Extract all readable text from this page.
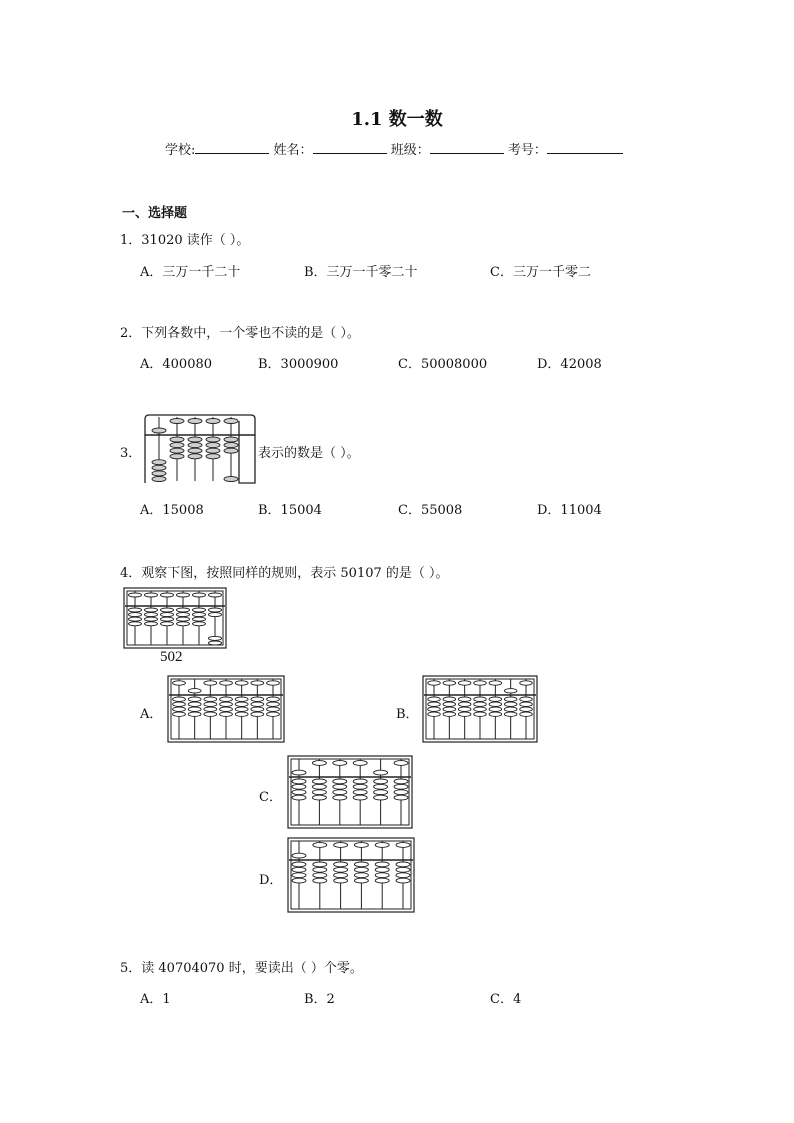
1.1 数一数
学校:	姓名：	班级：	考号：
一、选择题
1．31020 读作（ ）。
A．三万一千二十	B．三万一千零二十	C．三万一千零二
2．下列各数中，一个零也不读的是（ ）。
A．400080	B．3000900	C．50008000	D．42008
3．	表示的数是（ ）。
A．15008	B．15004	C．55008	D．11004
4．观察下图，按照同样的规则，表示 50107 的是（ ）。
502
A．	B．
C．
D．
5．读 40704070 时，要读出（ ）个零。
A．1	B．2	C．4
